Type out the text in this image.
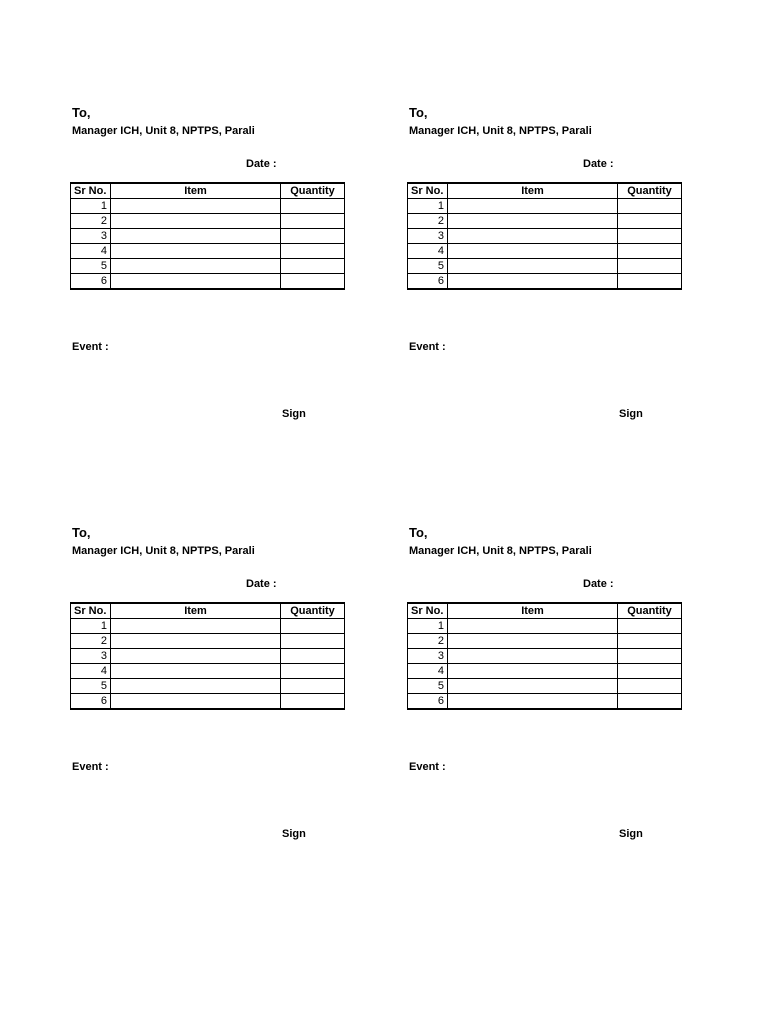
To,
Manager ICH, Unit 8, NPTPS, Parali
Date :
Sr No.	Item	Quantity
1		
2		
3		
4		
5		
6		
Event :
Sign
To,
Manager ICH, Unit 8, NPTPS, Parali
Date :
Sr No.	Item	Quantity
1		
2		
3		
4		
5		
6		
Event :
Sign
To,
Manager ICH, Unit 8, NPTPS, Parali
Date :
Sr No.	Item	Quantity
1		
2		
3		
4		
5		
6		
Event :
Sign
To,
Manager ICH, Unit 8, NPTPS, Parali
Date :
Sr No.	Item	Quantity
1		
2		
3		
4		
5		
6		
Event :
Sign
